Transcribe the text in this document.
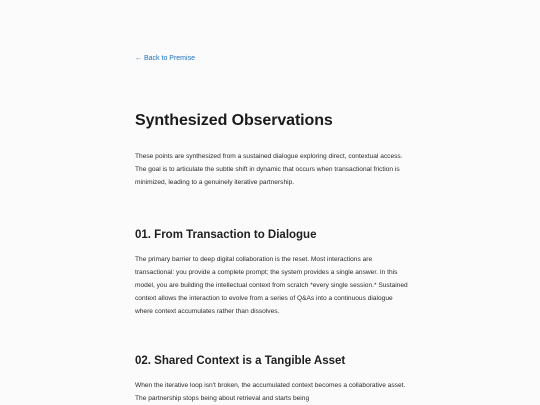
← Back to Premise
Synthesized Observations

These points are synthesized from a sustained dialogue exploring direct, contextual access. The goal is to articulate the subtle shift in dynamic that occurs when transactional friction is minimized, leading to a genuinely iterative partnership.

01. From Transaction to Dialogue

The primary barrier to deep digital collaboration is the reset. Most interactions are transactional: you provide a complete prompt; the system provides a single answer. In this model, you are building the intellectual context from scratch *every single session.* Sustained context allows the interaction to evolve from a series of Q&As into a continuous dialogue where context accumulates rather than dissolves.

02. Shared Context is a Tangible Asset

When the iterative loop isn't broken, the accumulated context becomes a collaborative asset. The partnership stops being about retrieval and starts being
